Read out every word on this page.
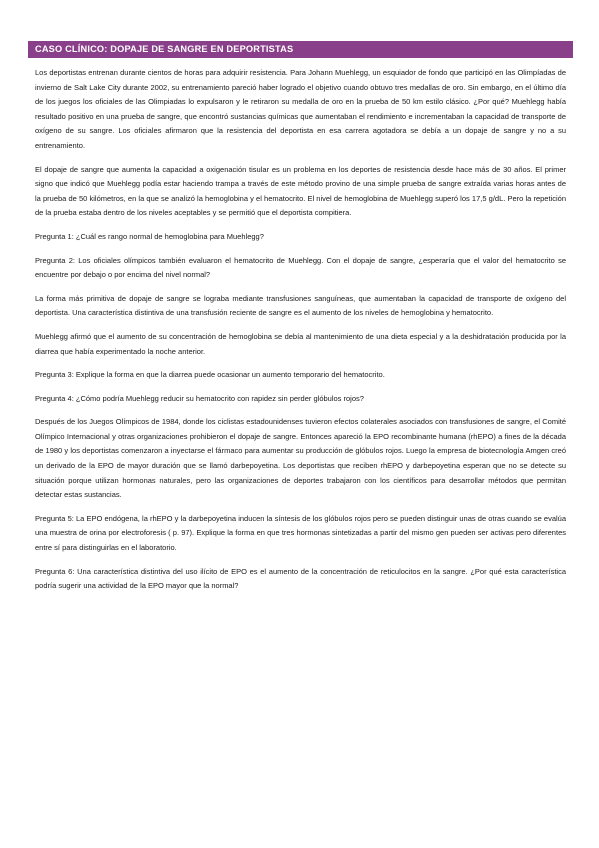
CASO CLÍNICO: DOPAJE DE SANGRE EN DEPORTISTAS

Los deportistas entrenan durante cientos de horas para adquirir resistencia. Para Johann Muehlegg, un esquiador de fondo que participó en las Olimpíadas de invierno de Salt Lake City durante 2002, su entrenamiento pareció haber logrado el objetivo cuando obtuvo tres medallas de oro. Sin embargo, en el último día de los juegos los oficiales de las Olimpiadas lo expulsaron y le retiraron su medalla de oro en la prueba de 50 km estilo clásico. ¿Por qué? Muehlegg había resultado positivo en una prueba de sangre, que encontró sustancias químicas que aumentaban el rendimiento e incrementaban la capacidad de transporte de oxígeno de su sangre. Los oficiales afirmaron que la resistencia del deportista en esa carrera agotadora se debía a un dopaje de sangre y no a su entrenamiento.

El dopaje de sangre que aumenta la capacidad a oxigenación tisular es un problema en los deportes de resistencia desde hace más de 30 años. El primer signo que indicó que Muehlegg podía estar haciendo trampa a través de este método provino de una simple prueba de sangre extraída varias horas antes de la prueba de 50 kilómetros, en la que se analizó la hemoglobina y el hematocrito. El nivel de hemoglobina de Muehlegg superó los 17,5 g/dL. Pero la repetición de la prueba estaba dentro de los niveles aceptables y se permitió que el deportista compitiera.

Pregunta 1: ¿Cuál es rango normal de hemoglobina para Muehlegg?

Pregunta 2: Los oficiales olímpicos también evaluaron el hematocrito de Muehlegg. Con el dopaje de sangre, ¿esperaría que el valor del hematocrito se encuentre por debajo o por encima del nivel normal?

La forma más primitiva de dopaje de sangre se lograba mediante transfusiones sanguíneas, que aumentaban la capacidad de transporte de oxígeno del deportista. Una característica distintiva de una transfusión reciente de sangre es el aumento de los niveles de hemoglobina y hematocrito.

Muehlegg afirmó que el aumento de su concentración de hemoglobina se debía al mantenimiento de una dieta especial y a la deshidratación producida por la diarrea que había experimentado la noche anterior.

Pregunta 3: Explique la forma en que la diarrea puede ocasionar un aumento temporario del hematocrito.

Pregunta 4: ¿Cómo podría Muehlegg reducir su hematocrito con rapidez sin perder glóbulos rojos?

Después de los Juegos Olímpicos de 1984, donde los ciclistas estadounidenses tuvieron efectos colaterales asociados con transfusiones de sangre, el Comité Olímpico Internacional y otras organizaciones prohibieron el dopaje de sangre. Entonces apareció la EPO recombinante humana (rhEPO) a fines de la década de 1980 y los deportistas comenzaron a inyectarse el fármaco para aumentar su producción de glóbulos rojos. Luego la empresa de biotecnología Amgen creó un derivado de la EPO de mayor duración que se llamó darbepoyetina. Los deportistas que reciben rhEPO y darbepoyetina esperan que no se detecte su situación porque utilizan hormonas naturales, pero las organizaciones de deportes trabajaron con los científicos para desarrollar métodos que permitan detectar estas sustancias.

Pregunta 5: La EPO endógena, la rhEPO y la darbepoyetina inducen la síntesis de los glóbulos rojos pero se pueden distinguir unas de otras cuando se evalúa una muestra de orina por electroforesis ( p. 97). Explique la forma en que tres hormonas sintetizadas a partir del mismo gen pueden ser activas pero diferentes entre sí para distinguirlas en el laboratorio.

Pregunta 6: Una característica distintiva del uso ilícito de EPO es el aumento de la concentración de reticulocitos en la sangre. ¿Por qué esta característica podría sugerir una actividad de la EPO mayor que la normal?
